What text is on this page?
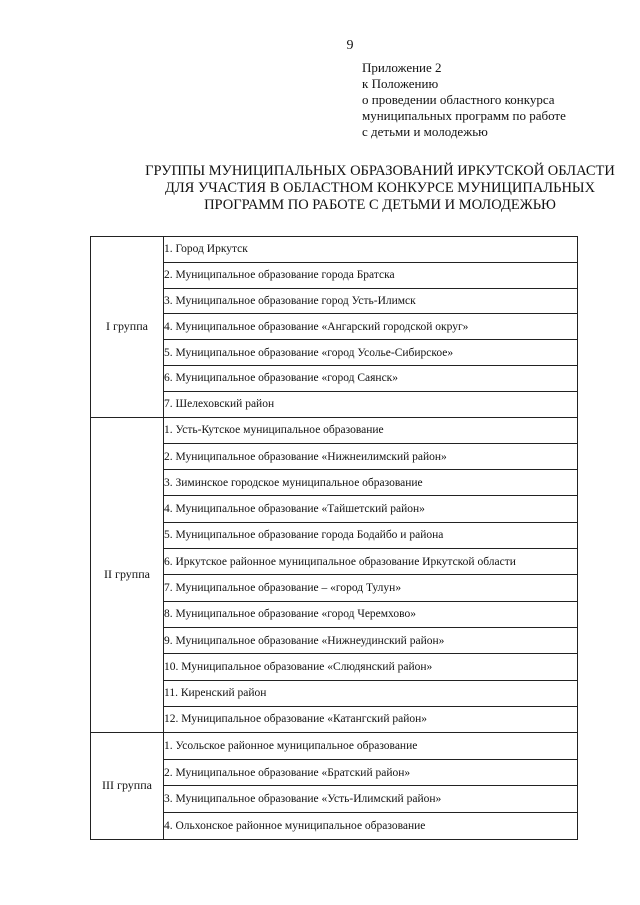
9
Приложение 2
к Положению
о проведении областного конкурса
муниципальных программ по работе
с детьми и молодежью
ГРУППЫ МУНИЦИПАЛЬНЫХ ОБРАЗОВАНИЙ ИРКУТСКОЙ ОБЛАСТИ
ДЛЯ УЧАСТИЯ В ОБЛАСТНОМ КОНКУРСЕ МУНИЦИПАЛЬНЫХ
ПРОГРАММ ПО РАБОТЕ С ДЕТЬМИ И МОЛОДЕЖЬЮ
I группа	1. Город Иркутск
	2. Муниципальное образование города Братска
	3. Муниципальное образование город Усть-Илимск
	4. Муниципальное образование «Ангарский городской округ»
	5. Муниципальное образование «город Усолье-Сибирское»
	6. Муниципальное образование «город Саянск»
	7. Шелеховский район
II группа	1. Усть-Кутское муниципальное образование
	2. Муниципальное образование «Нижнеилимский район»
	3. Зиминское городское муниципальное образование
	4. Муниципальное образование «Тайшетский район»
	5. Муниципальное образование города Бодайбо и района
	6. Иркутское районное муниципальное образование Иркутской области
	7. Муниципальное образование – «город Тулун»
	8. Муниципальное образование «город Черемхово»
	9. Муниципальное образование «Нижнеудинский район»
	10. Муниципальное образование «Слюдянский район»
	11. Киренский район
	12. Муниципальное образование «Катангский район»
III группа	1. Усольское районное муниципальное образование
	2. Муниципальное образование «Братский район»
	3. Муниципальное образование «Усть-Илимский район»
	4. Ольхонское районное муниципальное образование
